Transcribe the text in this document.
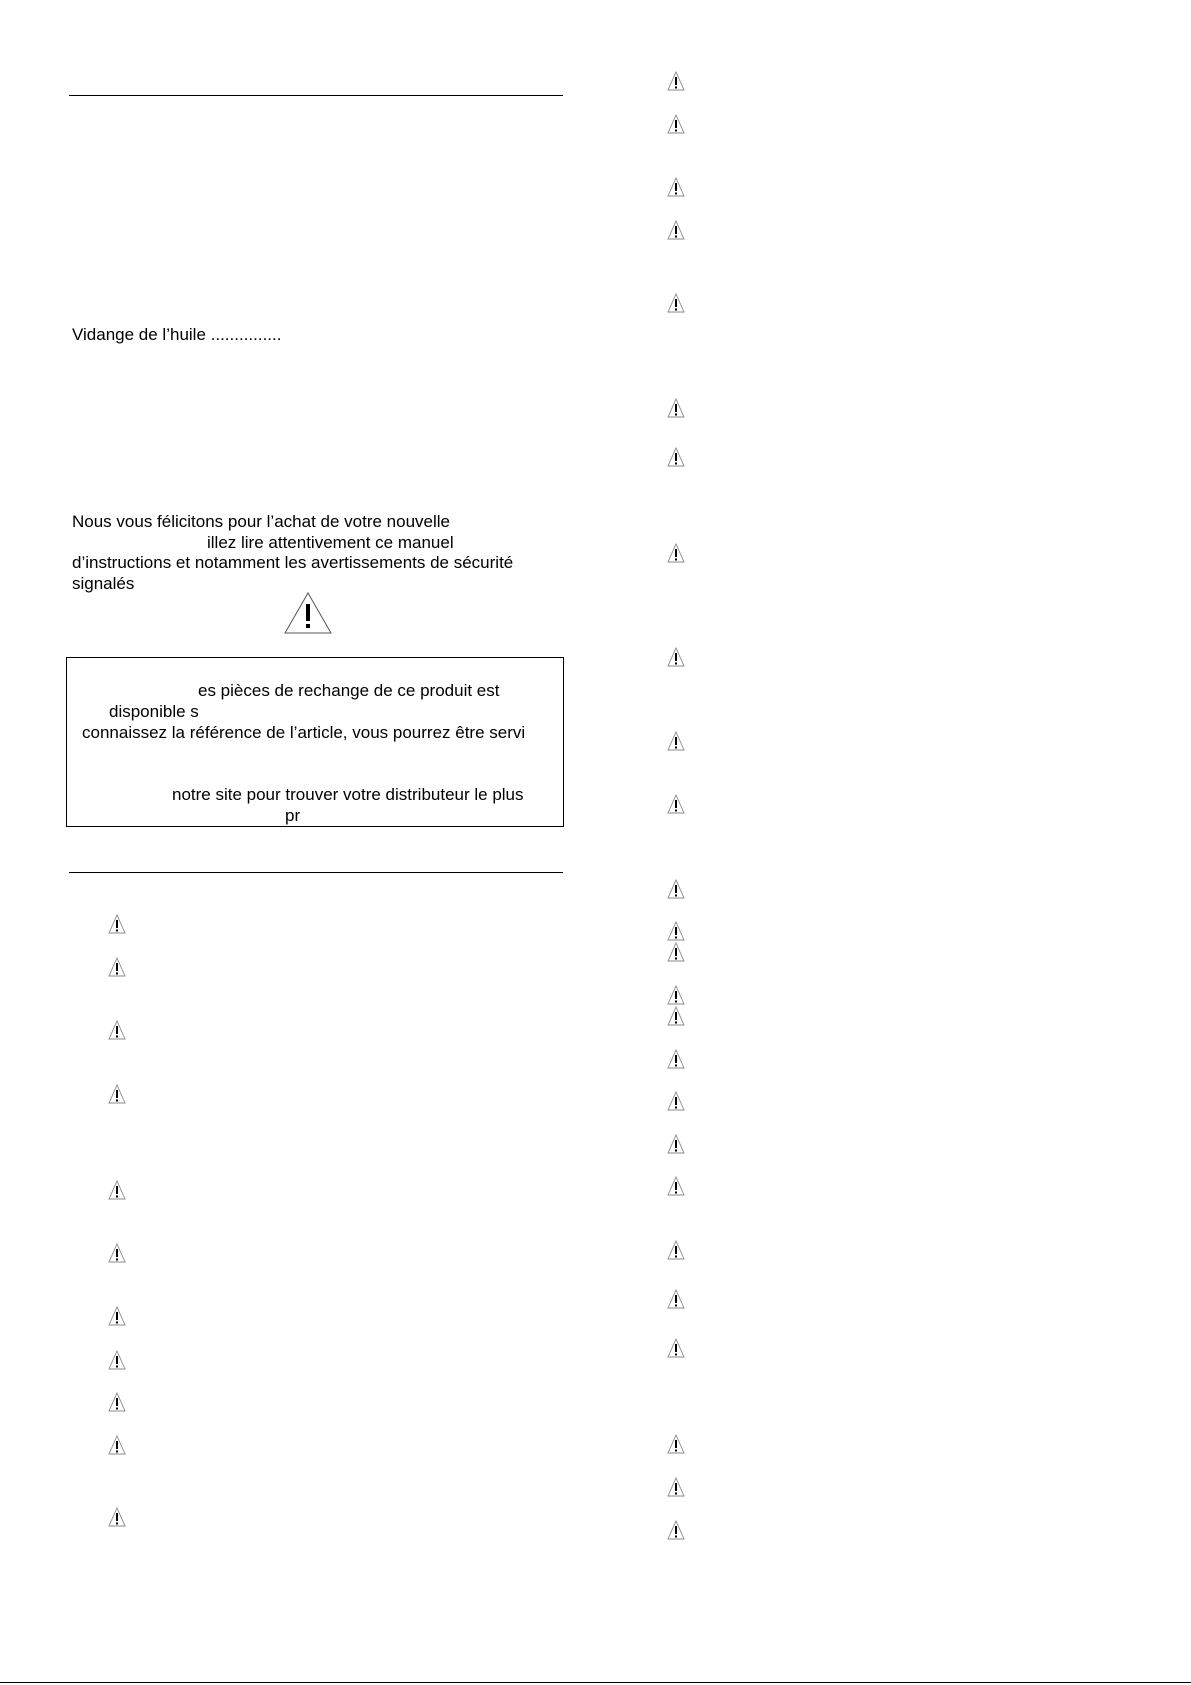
Vidange de l’huile ...............
Nous vous félicitons pour l’achat de votre nouvelle
illez lire attentivement ce manuel
d’instructions et notamment les avertissements de sécurité
signalés
es pièces de rechange de ce produit est
disponible s
connaissez la référence de l’article, vous pourrez être servi
notre site pour trouver votre distributeur le plus
pr
